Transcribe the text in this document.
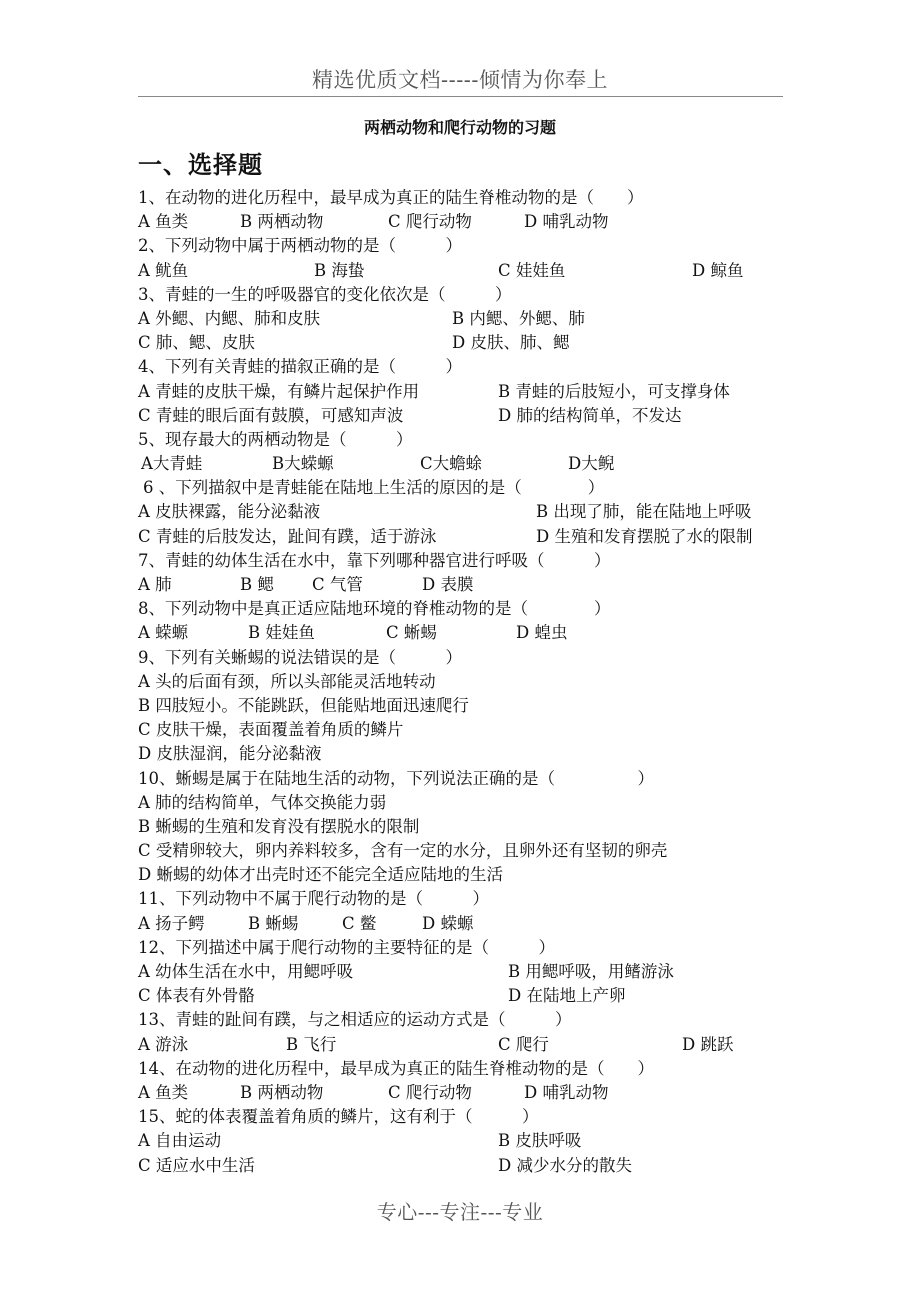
精选优质文档-----倾情为你奉上
两栖动物和爬行动物的习题
一、选择题
1、在动物的进化历程中，最早成为真正的陆生脊椎动物的是（　　）
A 鱼类	B 两栖动物	C 爬行动物	D 哺乳动物
2、下列动物中属于两栖动物的是（　　　）
A 鱿鱼	B 海蛰	C 娃娃鱼	D 鲸鱼
3、青蛙的一生的呼吸器官的变化依次是（　　　）
A 外鳃、内鳃、肺和皮肤	B 内鳃、外鳃、肺
C 肺、鳃、皮肤	D 皮肤、肺、鳃
4、下列有关青蛙的描叙正确的是（　　　）
A 青蛙的皮肤干燥，有鳞片起保护作用	B 青蛙的后肢短小，可支撑身体
C 青蛙的眼后面有鼓膜，可感知声波	D 肺的结构简单，不发达
5、现存最大的两栖动物是（　　　）
A大青蛙	B大蝾螈	C大蟾蜍	D大鲵
6 、下列描叙中是青蛙能在陆地上生活的原因的是（　　　　）
A 皮肤裸露，能分泌黏液	B 出现了肺，能在陆地上呼吸
C 青蛙的后肢发达，趾间有蹼，适于游泳	D 生殖和发育摆脱了水的限制
7、青蛙的幼体生活在水中，靠下列哪种器官进行呼吸（　　　）
A 肺	B 鳃 C 气管	D 表膜
8、下列动物中是真正适应陆地环境的脊椎动物的是（　　　　）
A 蝾螈	B 娃娃鱼	C 蜥蜴	D 蝗虫
9、下列有关蜥蜴的说法错误的是（　　　）
A 头的后面有颈，所以头部能灵活地转动
B 四肢短小。不能跳跃，但能贴地面迅速爬行
C 皮肤干燥，表面覆盖着角质的鳞片
D 皮肤湿润，能分泌黏液
10、蜥蜴是属于在陆地生活的动物，下列说法正确的是（　　　　　）
A 肺的结构简单，气体交换能力弱
B 蜥蜴的生殖和发育没有摆脱水的限制
C 受精卵较大，卵内养料较多，含有一定的水分，且卵外还有坚韧的卵壳
D 蜥蜴的幼体才出壳时还不能完全适应陆地的生活
11、下列动物中不属于爬行动物的是（　　　）
A 扬子鳄	B 蜥蜴	C 鳖	D 蝾螈
12、下列描述中属于爬行动物的主要特征的是（　　　）
A 幼体生活在水中，用鳃呼吸	B 用鳃呼吸，用鳍游泳
C 体表有外骨骼	D 在陆地上产卵
13、青蛙的趾间有蹼，与之相适应的运动方式是（　　　）
A 游泳	B 飞行	C 爬行	D 跳跃
14、在动物的进化历程中，最早成为真正的陆生脊椎动物的是（　　）
A 鱼类	B 两栖动物	C 爬行动物	D 哺乳动物
15、蛇的体表覆盖着角质的鳞片，这有利于（　　　）
A 自由运动	B 皮肤呼吸
C 适应水中生活	D 减少水分的散失
专心---专注---专业
